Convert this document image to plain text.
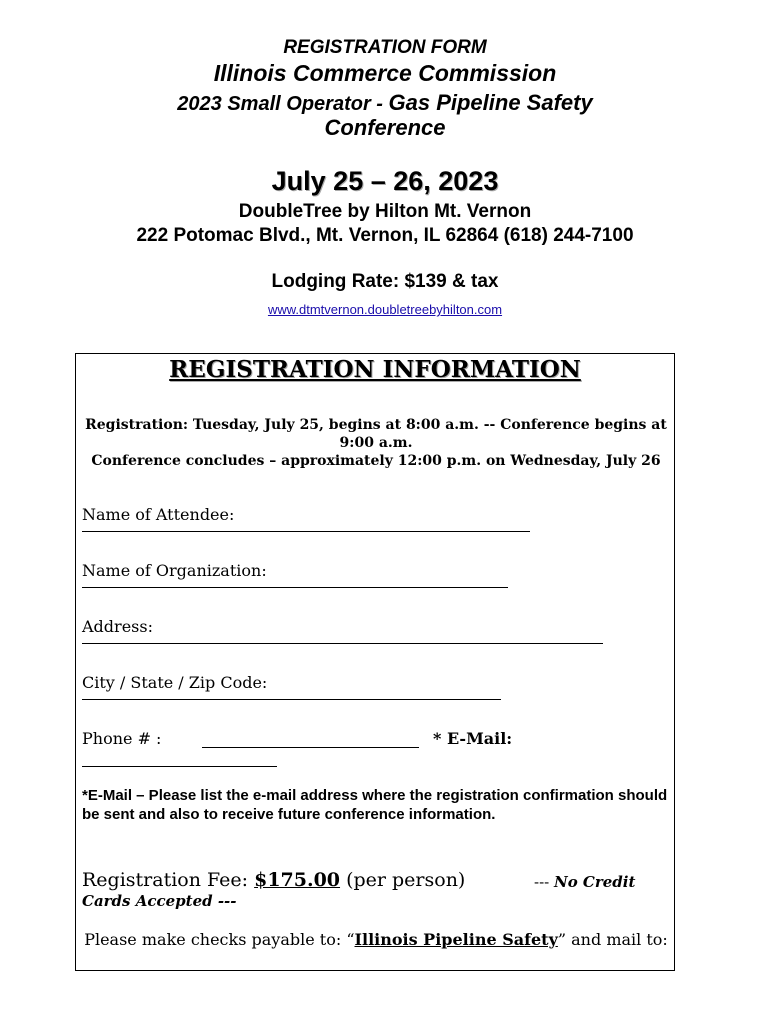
REGISTRATION FORM
Illinois Commerce Commission
2023 Small Operator - Gas Pipeline Safety
Conference
July 25 – 26, 2023
DoubleTree by Hilton Mt. Vernon
222 Potomac Blvd., Mt. Vernon, IL 62864 (618) 244-7100
Lodging Rate: $139 & tax
www.dtmtvernon.doubletreebyhilton.com
REGISTRATION INFORMATION
Registration: Tuesday, July 25, begins at 8:00 a.m. -- Conference begins at 9:00 a.m.
Conference concludes – approximately 12:00 p.m. on Wednesday, July 26
Name of Attendee:
Name of Organization:
Address:
City / State / Zip Code:
Phone # :	* E-Mail:
*E-Mail – Please list the e-mail address where the registration confirmation should be sent and also to receive future conference information.
Registration Fee: $175.00 (per person)	--- No Credit
Cards Accepted ---
Please make checks payable to: “Illinois Pipeline Safety” and mail to:
